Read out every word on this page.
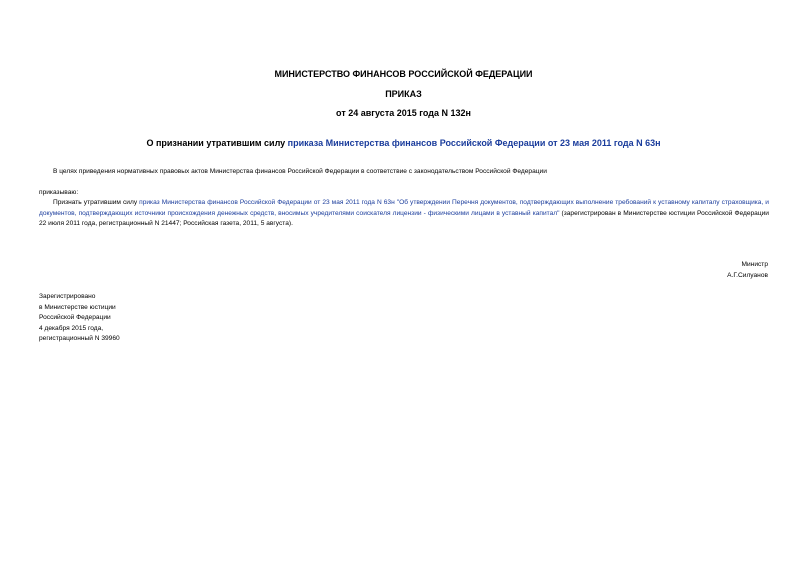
МИНИСТЕРСТВО ФИНАНСОВ РОССИЙСКОЙ ФЕДЕРАЦИИ
ПРИКАЗ
от 24 августа 2015 года N 132н
О признании утратившим силу приказа Министерства финансов Российской Федерации от 23 мая 2011 года N 63н
В целях приведения нормативных правовых актов Министерства финансов Российской Федерации в соответствие с законодательством Российской Федерации
приказываю:
Признать утратившим силу приказ Министерства финансов Российской Федерации от 23 мая 2011 года N 63н "Об утверждении Перечня документов, подтверждающих выполнение требований к уставному капиталу страховщика, и документов, подтверждающих источники происхождения денежных средств, вносимых учредителями соискателя лицензии - физическими лицами в уставный капитал" (зарегистрирован в Министерстве юстиции Российской Федерации 22 июля 2011 года, регистрационный N 21447; Российская газета, 2011, 5 августа).
Министр
А.Г.Силуанов
Зарегистрировано
в Министерстве юстиции
Российской Федерации
4 декабря 2015 года,
регистрационный N 39960
